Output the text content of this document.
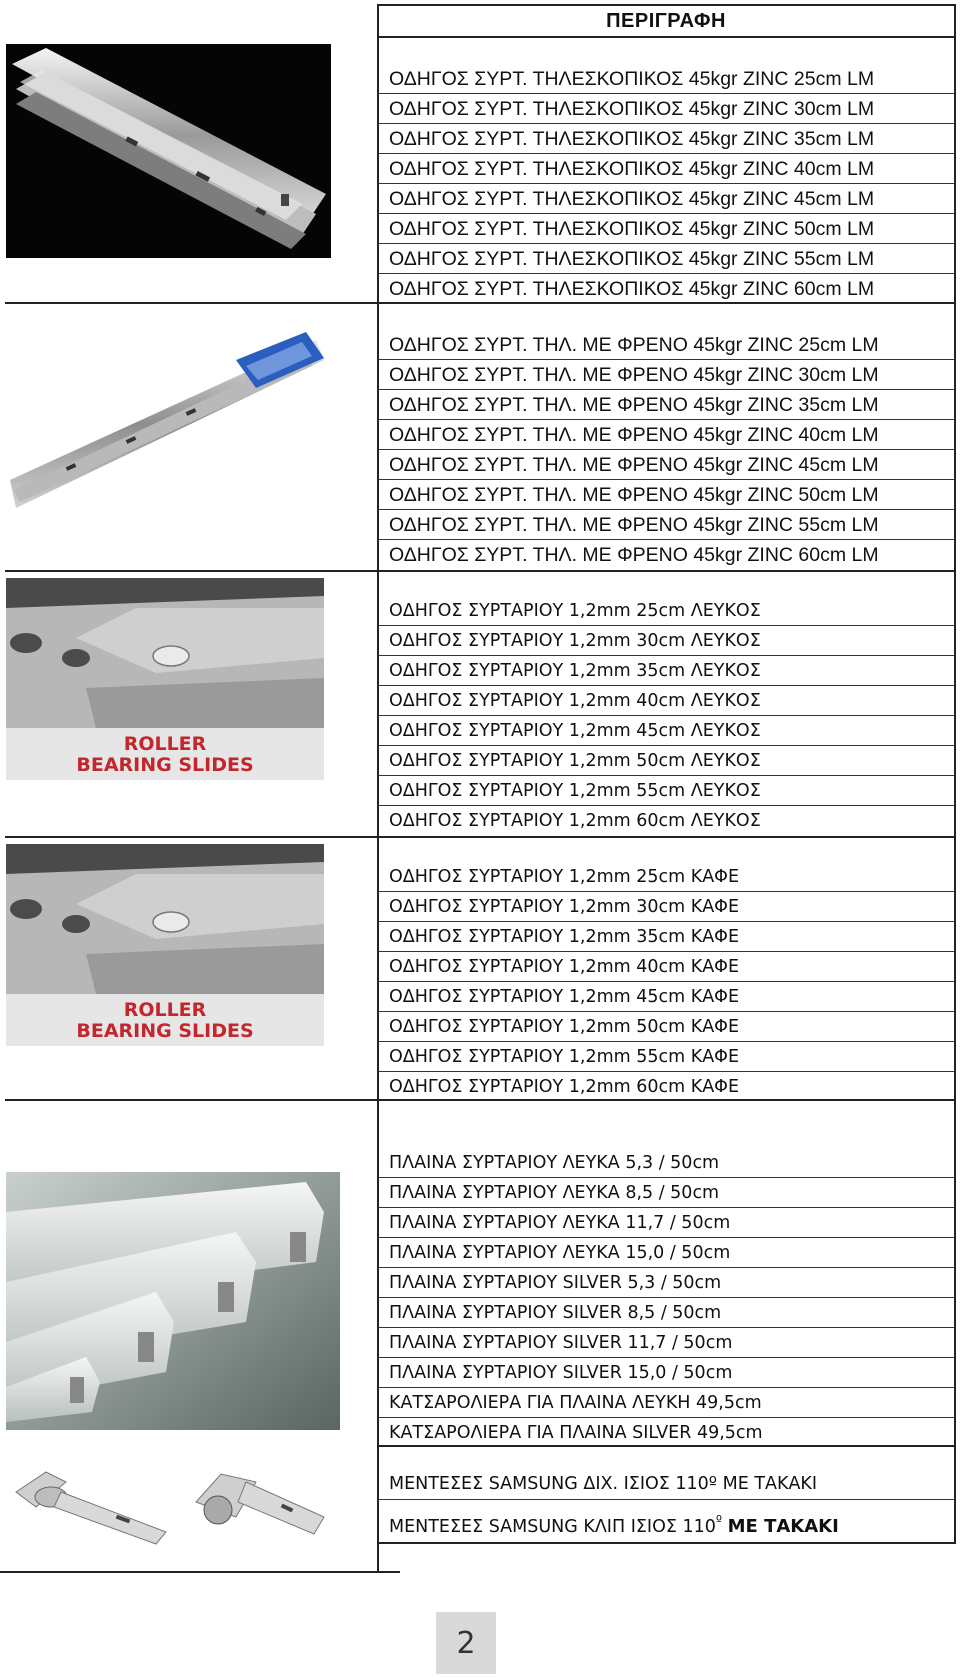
ΠΕΡΙΓΡΑΦΗ
ΟΔΗΓΟΣ ΣΥΡΤ. ΤΗΛΕΣΚΟΠΙΚΟΣ 45kgr ZINC 25cm LM
ΟΔΗΓΟΣ ΣΥΡΤ. ΤΗΛΕΣΚΟΠΙΚΟΣ 45kgr ZINC 30cm LM
ΟΔΗΓΟΣ ΣΥΡΤ. ΤΗΛΕΣΚΟΠΙΚΟΣ 45kgr ZINC 35cm LM
ΟΔΗΓΟΣ ΣΥΡΤ. ΤΗΛΕΣΚΟΠΙΚΟΣ 45kgr ZINC 40cm LM
ΟΔΗΓΟΣ ΣΥΡΤ. ΤΗΛΕΣΚΟΠΙΚΟΣ 45kgr ZINC 45cm LM
ΟΔΗΓΟΣ ΣΥΡΤ. ΤΗΛΕΣΚΟΠΙΚΟΣ 45kgr ZINC 50cm LM
ΟΔΗΓΟΣ ΣΥΡΤ. ΤΗΛΕΣΚΟΠΙΚΟΣ 45kgr ZINC 55cm LM
ΟΔΗΓΟΣ ΣΥΡΤ. ΤΗΛΕΣΚΟΠΙΚΟΣ 45kgr ZINC 60cm LM
ΟΔΗΓΟΣ ΣΥΡΤ. ΤΗΛ. ΜΕ ΦΡΕΝΟ 45kgr ZINC 25cm LM
ΟΔΗΓΟΣ ΣΥΡΤ. ΤΗΛ. ΜΕ ΦΡΕΝΟ 45kgr ZINC 30cm LM
ΟΔΗΓΟΣ ΣΥΡΤ. ΤΗΛ. ΜΕ ΦΡΕΝΟ 45kgr ZINC 35cm LM
ΟΔΗΓΟΣ ΣΥΡΤ. ΤΗΛ. ΜΕ ΦΡΕΝΟ 45kgr ZINC 40cm LM
ΟΔΗΓΟΣ ΣΥΡΤ. ΤΗΛ. ΜΕ ΦΡΕΝΟ 45kgr ZINC 45cm LM
ΟΔΗΓΟΣ ΣΥΡΤ. ΤΗΛ. ΜΕ ΦΡΕΝΟ 45kgr ZINC 50cm LM
ΟΔΗΓΟΣ ΣΥΡΤ. ΤΗΛ. ΜΕ ΦΡΕΝΟ 45kgr ZINC 55cm LM
ΟΔΗΓΟΣ ΣΥΡΤ. ΤΗΛ. ΜΕ ΦΡΕΝΟ 45kgr ZINC 60cm LM
ΟΔΗΓΟΣ ΣΥΡΤΑΡΙΟΥ 1,2mm 25cm ΛΕΥΚΟΣ
ΟΔΗΓΟΣ ΣΥΡΤΑΡΙΟΥ 1,2mm 30cm ΛΕΥΚΟΣ
ΟΔΗΓΟΣ ΣΥΡΤΑΡΙΟΥ 1,2mm 35cm ΛΕΥΚΟΣ
ΟΔΗΓΟΣ ΣΥΡΤΑΡΙΟΥ 1,2mm 40cm ΛΕΥΚΟΣ
ΟΔΗΓΟΣ ΣΥΡΤΑΡΙΟΥ 1,2mm 45cm ΛΕΥΚΟΣ
ΟΔΗΓΟΣ ΣΥΡΤΑΡΙΟΥ 1,2mm 50cm ΛΕΥΚΟΣ
ΟΔΗΓΟΣ ΣΥΡΤΑΡΙΟΥ 1,2mm 55cm ΛΕΥΚΟΣ
ΟΔΗΓΟΣ ΣΥΡΤΑΡΙΟΥ 1,2mm 60cm ΛΕΥΚΟΣ
ΟΔΗΓΟΣ ΣΥΡΤΑΡΙΟΥ 1,2mm 25cm ΚΑΦΕ
ΟΔΗΓΟΣ ΣΥΡΤΑΡΙΟΥ 1,2mm 30cm ΚΑΦΕ
ΟΔΗΓΟΣ ΣΥΡΤΑΡΙΟΥ 1,2mm 35cm ΚΑΦΕ
ΟΔΗΓΟΣ ΣΥΡΤΑΡΙΟΥ 1,2mm 40cm ΚΑΦΕ
ΟΔΗΓΟΣ ΣΥΡΤΑΡΙΟΥ 1,2mm 45cm ΚΑΦΕ
ΟΔΗΓΟΣ ΣΥΡΤΑΡΙΟΥ 1,2mm 50cm ΚΑΦΕ
ΟΔΗΓΟΣ ΣΥΡΤΑΡΙΟΥ 1,2mm 55cm ΚΑΦΕ
ΟΔΗΓΟΣ ΣΥΡΤΑΡΙΟΥ 1,2mm 60cm ΚΑΦΕ
ΠΛΑΙΝΑ ΣΥΡΤΑΡΙΟΥ ΛΕΥΚΑ 5,3 / 50cm
ΠΛΑΙΝΑ ΣΥΡΤΑΡΙΟΥ ΛΕΥΚΑ 8,5 / 50cm
ΠΛΑΙΝΑ ΣΥΡΤΑΡΙΟΥ ΛΕΥΚΑ 11,7 / 50cm
ΠΛΑΙΝΑ ΣΥΡΤΑΡΙΟΥ ΛΕΥΚΑ 15,0 / 50cm
ΠΛΑΙΝΑ ΣΥΡΤΑΡΙΟΥ SILVER 5,3 / 50cm
ΠΛΑΙΝΑ ΣΥΡΤΑΡΙΟΥ SILVER 8,5 / 50cm
ΠΛΑΙΝΑ ΣΥΡΤΑΡΙΟΥ SILVER 11,7 / 50cm
ΠΛΑΙΝΑ ΣΥΡΤΑΡΙΟΥ SILVER 15,0 / 50cm
ΚΑΤΣΑΡΟΛΙΕΡΑ ΓΙΑ ΠΛΑΙΝΑ ΛΕΥΚΗ 49,5cm
ΚΑΤΣΑΡΟΛΙΕΡΑ ΓΙΑ ΠΛΑΙΝΑ SILVER 49,5cm
ΜΕΝΤΕΣΕΣ SAMSUNG ΔΙΧ. ΙΣΙΟΣ 110º ΜΕ ΤΑΚΑΚΙ
ΜΕΝΤΕΣΕΣ SAMSUNG ΚΛΙΠ ΙΣΙΟΣ $110^º$ ΜΕ ΤΑΚΑΚΙ
ROLLER
BEARING SLIDES
ROLLER
BEARING SLIDES
2
